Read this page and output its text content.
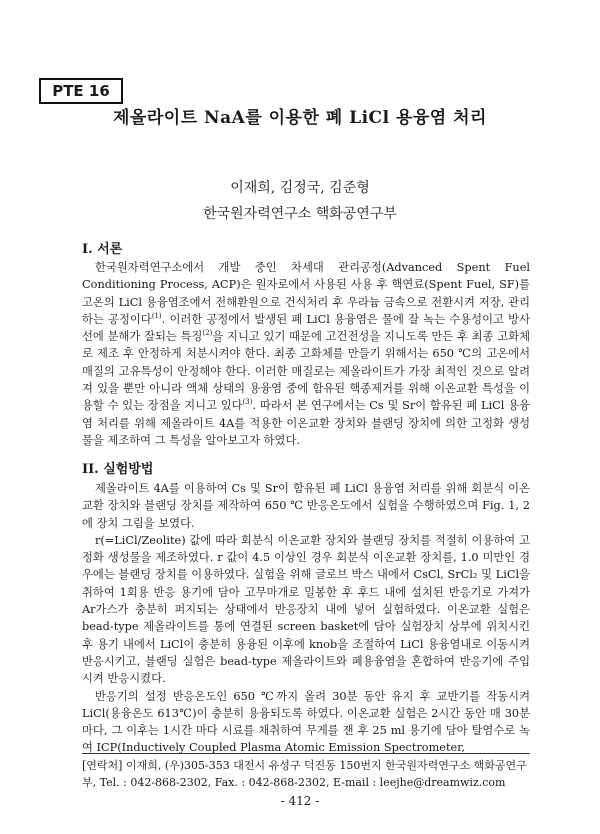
PTE 16
제올라이트 NaA를 이용한 폐 LiCl 용융염 처리
이재희, 김정국, 김준형
한국원자력연구소 핵화공연구부
I. 서론

한국원자력연구소에서 개발 중인 차세대 관리공정(Advanced Spent Fuel Conditioning Process, ACP)은 원자로에서 사용된 사용 후 핵연료(Spent Fuel, SF)를 고온의 LiCl 용융염조에서 전해환원으로 건식처리 후 우라늄 금속으로 전환시켜 저장, 관리하는 공정이다$^{(1)}$. 이러한 공정에서 발생된 폐 LiCl 용융염은 물에 잘 녹는 수용성이고 방사선에 분해가 잘되는 특징$^{(2)}$을 지니고 있기 때문에 고건전성을 지니도록 만든 후 최종 고화체로 제조 후 안정하게 처분시켜야 한다. 최종 고화체를 만들기 위해서는 650 ℃의 고온에서 매질의 고유특성이 안정해야 한다. 이러한 매질로는 제올라이트가 가장 최적인 것으로 알려져 있을 뿐만 아니라 액체 상태의 용융염 중에 함유된 핵종제거를 위해 이온교환 특성을 이용할 수 있는 장점을 지니고 있다$^{(3)}$. 따라서 본 연구에서는 Cs 및 Sr이 함유된 폐 LiCl 용융염 처리를 위해 제올라이트 4A를 적용한 이온교환 장치와 블랜딩 장치에 의한 고정화 생성물을 제조하여 그 특성을 알아보고자 하였다.

II. 실험방법

제올라이트 4A를 이용하여 Cs 및 Sr이 함유된 폐 LiCl 용융염 처리를 위해 회분식 이온교환 장치와 블랜딩 장치를 제작하여 650 ℃ 반응온도에서 실험을 수행하였으며 Fig. 1, 2에 장치 그림을 보였다.

r(=LiCl/Zeolite) 값에 따라 회분식 이온교환 장치와 블랜딩 장치를 적절히 이용하여 고정화 생성물을 제조하였다. r 값이 4.5 이상인 경우 회분식 이온교환 장치를, 1.0 미만인 경우에는 블랜딩 장치를 이용하였다. 실험을 위해 글로브 박스 내에서 CsCl, SrCl₂ 및 LiCl을 취하여 1회용 반응 용기에 담아 고무마개로 밀봉한 후 후드 내에 설치된 반응기로 가져가 Ar가스가 충분히 퍼지되는 상태에서 반응장치 내에 넣어 실험하였다. 이온교환 실험은 bead-type 제올라이트를 통에 연결된 screen basket에 담아 실험장치 상부에 위치시킨 후 용기 내에서 LiCl이 충분히 용융된 이후에 knob을 조절하여 LiCl 용융염내로 이동시켜 반응시키고, 블랜딩 실험은 bead-type 제올라이트와 폐용융염을 혼합하여 반응기에 주입시켜 반응시켰다.

반응기의 설정 반응온도인 650 ℃까지 올려 30분 동안 유지 후 교반기를 작동시켜 LiCl(용융온도 613℃)이 충분히 용융되도록 하였다. 이온교환 실험은 2시간 동안 매 30분마다, 그 이후는 1시간 마다 시료를 채취하여 무게를 잰 후 25 ml 용기에 담아 탈염수로 녹여 ICP(Inductively Coupled Plasma Atomic Emission Spectrometer,

[연락처] 이재희, (우)305-353 대전시 유성구 덕진동 150번지 한국원자력연구소 핵화공연구부, Tel. : 042-868-2302, Fax. : 042-868-2302, E-mail : leejhe@dreamwiz.com
- 412 -
